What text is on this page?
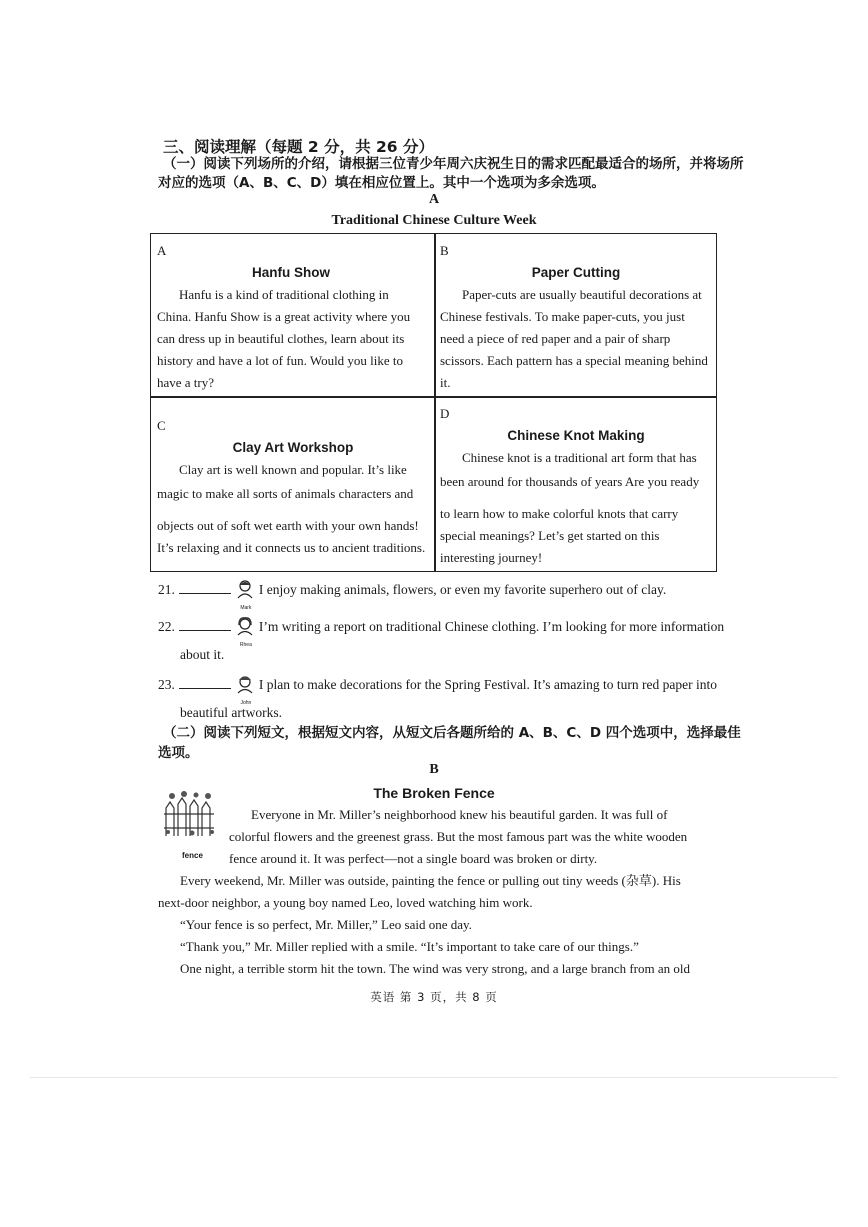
三、阅读理解（每题 2 分，共 26 分）
（一）阅读下列场所的介绍，请根据三位青少年周六庆祝生日的需求匹配最适合的场所，并将场所
对应的选项（A、B、C、D）填在相应位置上。其中一个选项为多余选项。
A
Traditional Chinese Culture Week
A
Hanfu Show
Hanfu is a kind of traditional clothing in China. Hanfu Show is a great activity where you can dress up in beautiful clothes, learn about its history and have a lot of fun. Would you like to have a try?
B
Paper Cutting
Paper-cuts are usually beautiful decorations at Chinese festivals. To make paper-cuts, you just need a piece of red paper and a pair of sharp scissors. Each pattern has a special meaning behind it.
C
Clay Art Workshop
Clay art is well known and popular. It’s like
magic to make all sorts of animals characters and
objects out of soft wet earth with your own hands!
It’s relaxing and it connects us to ancient traditions.
D
Chinese Knot Making
Chinese knot is a traditional art form that has
been around for thousands of years Are you ready
to learn how to make colorful knots that carry
special meanings? Let’s get started on this
interesting journey!
21.
Mark
I enjoy making animals, flowers, or even my favorite superhero out of clay.
22.
Rhea
I’m writing a report on traditional Chinese clothing. I’m looking for more information
about it.
23.
John
I plan to make decorations for the Spring Festival. It’s amazing to turn red paper into
beautiful artworks.
（二）阅读下列短文，根据短文内容，从短文后各题所给的 A、B、C、D 四个选项中，选择最佳
选项。
B
The Broken Fence
fence
Everyone in Mr. Miller’s neighborhood knew his beautiful garden. It was full of
colorful flowers and the greenest grass. But the most famous part was the white wooden
fence around it. It was perfect—not a single board was broken or dirty.
Every weekend, Mr. Miller was outside, painting the fence or pulling out tiny weeds (杂草). His
next-door neighbor, a young boy named Leo, loved watching him work.
“Your fence is so perfect, Mr. Miller,” Leo said one day.
“Thank you,” Mr. Miller replied with a smile. “It’s important to take care of our things.”
One night, a terrible storm hit the town. The wind was very strong, and a large branch from an old
英语 第 3 页，共 8 页
